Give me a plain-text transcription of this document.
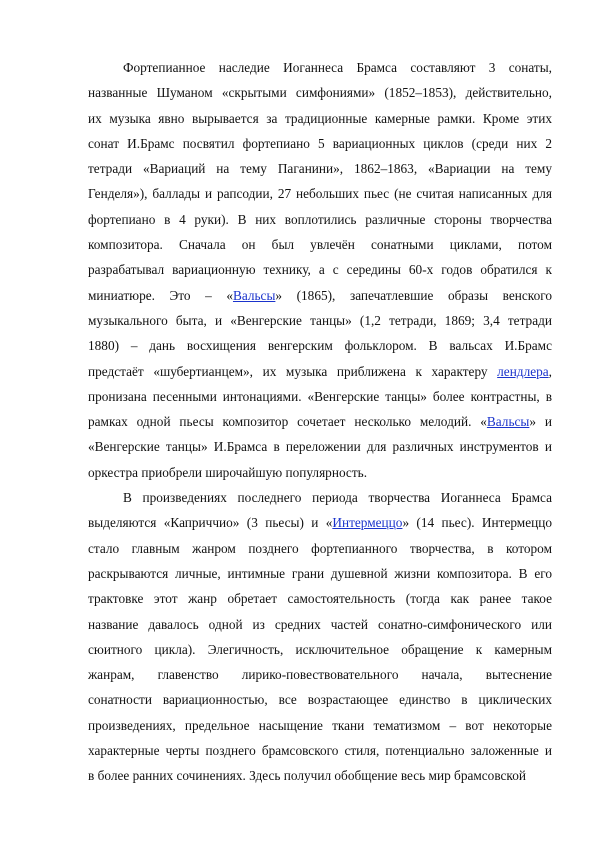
Фортепианное наследие Иоганнеса Брамса составляют 3 сонаты,
названные Шуманом «скрытыми симфониями» (1852–1853), действительно,
их музыка явно вырывается за традиционные камерные рамки. Кроме этих
сонат И.Брамс посвятил фортепиано 5 вариационных циклов (среди них 2
тетради «Вариаций на тему Паганини», 1862–1863, «Вариации на тему
Генделя»), баллады и рапсодии, 27 небольших пьес (не считая написанных для
фортепиано в 4 руки). В них воплотились различные стороны творчества
композитора. Сначала он был увлечён сонатными циклами, потом
разрабатывал вариационную технику, а с середины 60-х годов обратился к
миниатюре. Это – «Вальсы» (1865), запечатлевшие образы венского
музыкального быта, и «Венгерские танцы» (1,2 тетради, 1869; 3,4 тетради
1880) – дань восхищения венгерским фольклором. В вальсах И.Брамс
предстаёт «шубертианцем», их музыка приближена к характеру лендлера,
пронизана песенными интонациями. «Венгерские танцы» более контрастны, в
рамках одной пьесы композитор сочетает несколько мелодий. «Вальсы» и
«Венгерские танцы» И.Брамса в переложении для различных инструментов и
оркестра приобрели широчайшую популярность.
В произведениях последнего периода творчества Иоганнеса Брамса
выделяются «Каприччио» (3 пьесы) и «Интермеццо» (14 пьес). Интермеццо
стало главным жанром позднего фортепианного творчества, в котором
раскрываются личные, интимные грани душевной жизни композитора. В его
трактовке этот жанр обретает самостоятельность (тогда как ранее такое
название давалось одной из средних частей сонатно-симфонического или
сюитного цикла). Элегичность, исключительное обращение к камерным
жанрам, главенство лирико-повествовательного начала, вытеснение
сонатности вариационностью, все возрастающее единство в циклических
произведениях, предельное насыщение ткани тематизмом – вот некоторые
характерные черты позднего брамсовского стиля, потенциально заложенные и
в более ранних сочинениях. Здесь получил обобщение весь мир брамсовской
